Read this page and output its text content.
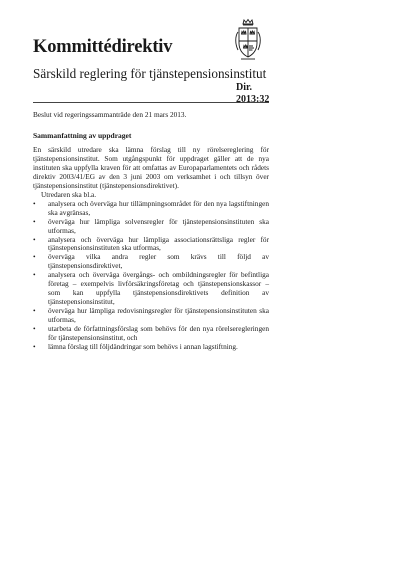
Kommittédirektiv

Särskild reglering för tjänstepensionsinstitut

Dir.
2013:32

Beslut vid regeringssammanträde den 21 mars 2013.

Sammanfattning av uppdraget

En särskild utredare ska lämna förslag till ny rörelsereglering för tjänstepensionsinstitut. Som utgångspunkt för uppdraget gäller att de nya instituten ska uppfylla kraven för att omfattas av Europaparlamentets och rådets direktiv 2003/41/EG av den 3 juni 2003 om verksamhet i och tillsyn över tjänstepensionsinstitut (tjänstepensionsdirektivet).

Utredaren ska bl.a.

• analysera och överväga hur tillämpningsområdet för den nya lagstiftningen ska avgränsas,
• överväga hur lämpliga solvensregler för tjänstepensionsinstituten ska utformas,
• analysera och överväga hur lämpliga associationsrättsliga regler för tjänstepensionsinstituten ska utformas,
• överväga vilka andra regler som krävs till följd av tjänstepensionsdirektivet,
• analysera och överväga övergångs- och ombildningsregler för befintliga företag – exempelvis livförsäkringsföretag och tjänstepensionskassor – som kan uppfylla tjänstepensionsdirektivets definition av tjänstepensionsinstitut,
• överväga hur lämpliga redovisningsregler för tjänstepensionsinstituten ska utformas,
• utarbeta de författningsförslag som behövs för den nya rörelseregleringen för tjänstepensionsinstitut, och
• lämna förslag till följdändringar som behövs i annan lagstiftning.
